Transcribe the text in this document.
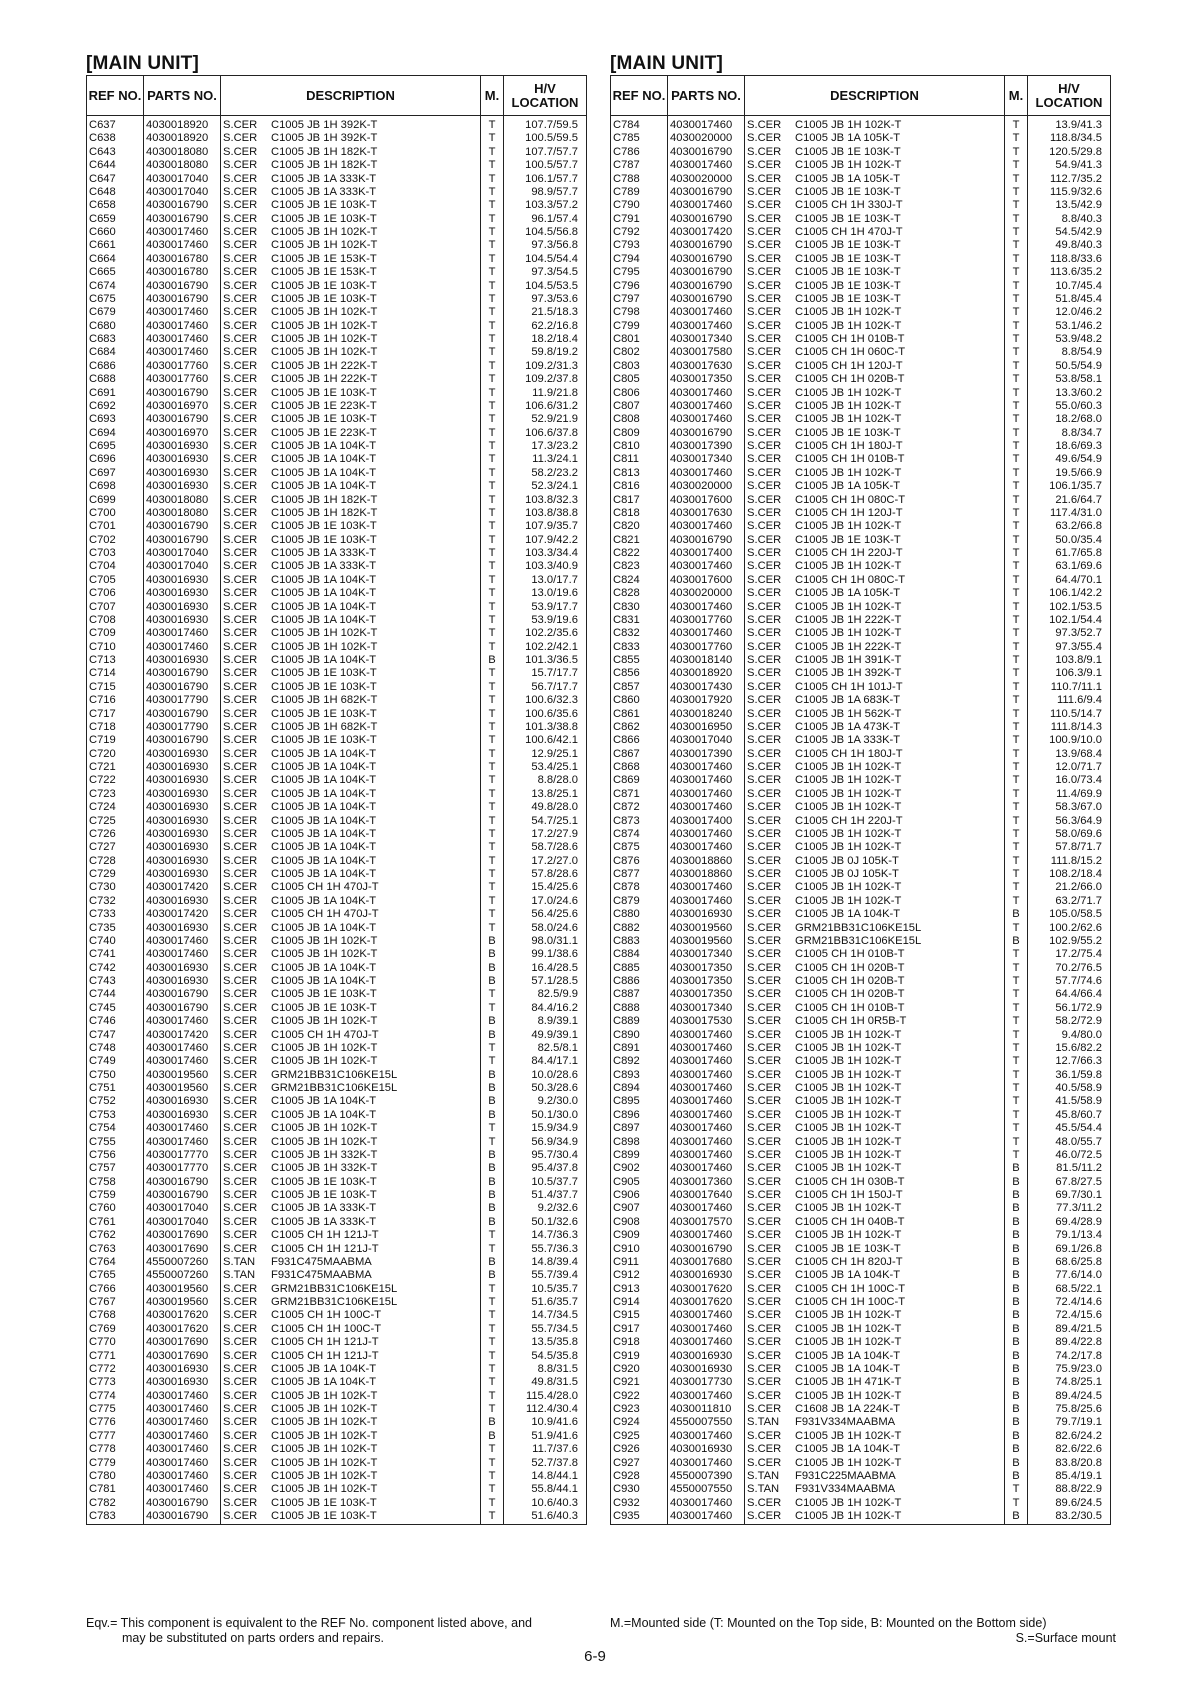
[MAIN UNIT]
REF NO.	PARTS NO.	DESCRIPTION	M.	H/V LOCATION
C637	4030018920	S.CER C1005 JB 1H 392K-T	T	107.7/59.5
C638	4030018920	S.CER C1005 JB 1H 392K-T	T	100.5/59.5
C643	4030018080	S.CER C1005 JB 1H 182K-T	T	107.7/57.7
C644	4030018080	S.CER C1005 JB 1H 182K-T	T	100.5/57.7
C647	4030017040	S.CER C1005 JB 1A 333K-T	T	106.1/57.7
C648	4030017040	S.CER C1005 JB 1A 333K-T	T	98.9/57.7
C658	4030016790	S.CER C1005 JB 1E 103K-T	T	103.3/57.2
C659	4030016790	S.CER C1005 JB 1E 103K-T	T	96.1/57.4
C660	4030017460	S.CER C1005 JB 1H 102K-T	T	104.5/56.8
C661	4030017460	S.CER C1005 JB 1H 102K-T	T	97.3/56.8
C664	4030016780	S.CER C1005 JB 1E 153K-T	T	104.5/54.4
C665	4030016780	S.CER C1005 JB 1E 153K-T	T	97.3/54.5
C674	4030016790	S.CER C1005 JB 1E 103K-T	T	104.5/53.5
C675	4030016790	S.CER C1005 JB 1E 103K-T	T	97.3/53.6
C679	4030017460	S.CER C1005 JB 1H 102K-T	T	21.5/18.3
C680	4030017460	S.CER C1005 JB 1H 102K-T	T	62.2/16.8
C683	4030017460	S.CER C1005 JB 1H 102K-T	T	18.2/18.4
C684	4030017460	S.CER C1005 JB 1H 102K-T	T	59.8/19.2
C686	4030017760	S.CER C1005 JB 1H 222K-T	T	109.2/31.3
C688	4030017760	S.CER C1005 JB 1H 222K-T	T	109.2/37.8
C691	4030016790	S.CER C1005 JB 1E 103K-T	T	11.9/21.8
C692	4030016970	S.CER C1005 JB 1E 223K-T	T	106.6/31.2
C693	4030016790	S.CER C1005 JB 1E 103K-T	T	52.9/21.9
C694	4030016970	S.CER C1005 JB 1E 223K-T	T	106.6/37.8
C695	4030016930	S.CER C1005 JB 1A 104K-T	T	17.3/23.2
C696	4030016930	S.CER C1005 JB 1A 104K-T	T	11.3/24.1
C697	4030016930	S.CER C1005 JB 1A 104K-T	T	58.2/23.2
C698	4030016930	S.CER C1005 JB 1A 104K-T	T	52.3/24.1
C699	4030018080	S.CER C1005 JB 1H 182K-T	T	103.8/32.3
C700	4030018080	S.CER C1005 JB 1H 182K-T	T	103.8/38.8
C701	4030016790	S.CER C1005 JB 1E 103K-T	T	107.9/35.7
C702	4030016790	S.CER C1005 JB 1E 103K-T	T	107.9/42.2
C703	4030017040	S.CER C1005 JB 1A 333K-T	T	103.3/34.4
C704	4030017040	S.CER C1005 JB 1A 333K-T	T	103.3/40.9
C705	4030016930	S.CER C1005 JB 1A 104K-T	T	13.0/17.7
C706	4030016930	S.CER C1005 JB 1A 104K-T	T	13.0/19.6
C707	4030016930	S.CER C1005 JB 1A 104K-T	T	53.9/17.7
C708	4030016930	S.CER C1005 JB 1A 104K-T	T	53.9/19.6
C709	4030017460	S.CER C1005 JB 1H 102K-T	T	102.2/35.6
C710	4030017460	S.CER C1005 JB 1H 102K-T	T	102.2/42.1
C713	4030016930	S.CER C1005 JB 1A 104K-T	B	101.3/36.5
C714	4030016790	S.CER C1005 JB 1E 103K-T	T	15.7/17.7
C715	4030016790	S.CER C1005 JB 1E 103K-T	T	56.7/17.7
C716	4030017790	S.CER C1005 JB 1H 682K-T	T	100.6/32.3
C717	4030016790	S.CER C1005 JB 1E 103K-T	T	100.6/35.6
C718	4030017790	S.CER C1005 JB 1H 682K-T	T	101.3/38.8
C719	4030016790	S.CER C1005 JB 1E 103K-T	T	100.6/42.1
C720	4030016930	S.CER C1005 JB 1A 104K-T	T	12.9/25.1
C721	4030016930	S.CER C1005 JB 1A 104K-T	T	53.4/25.1
C722	4030016930	S.CER C1005 JB 1A 104K-T	T	8.8/28.0
C723	4030016930	S.CER C1005 JB 1A 104K-T	T	13.8/25.1
C724	4030016930	S.CER C1005 JB 1A 104K-T	T	49.8/28.0
C725	4030016930	S.CER C1005 JB 1A 104K-T	T	54.7/25.1
C726	4030016930	S.CER C1005 JB 1A 104K-T	T	17.2/27.9
C727	4030016930	S.CER C1005 JB 1A 104K-T	T	58.7/28.6
C728	4030016930	S.CER C1005 JB 1A 104K-T	T	17.2/27.0
C729	4030016930	S.CER C1005 JB 1A 104K-T	T	57.8/28.6
C730	4030017420	S.CER C1005 CH 1H 470J-T	T	15.4/25.6
C732	4030016930	S.CER C1005 JB 1A 104K-T	T	17.0/24.6
C733	4030017420	S.CER C1005 CH 1H 470J-T	T	56.4/25.6
C735	4030016930	S.CER C1005 JB 1A 104K-T	T	58.0/24.6
C740	4030017460	S.CER C1005 JB 1H 102K-T	B	98.0/31.1
C741	4030017460	S.CER C1005 JB 1H 102K-T	B	99.1/38.6
C742	4030016930	S.CER C1005 JB 1A 104K-T	B	16.4/28.5
C743	4030016930	S.CER C1005 JB 1A 104K-T	B	57.1/28.5
C744	4030016790	S.CER C1005 JB 1E 103K-T	T	82.5/9.9
C745	4030016790	S.CER C1005 JB 1E 103K-T	T	84.4/16.2
C746	4030017460	S.CER C1005 JB 1H 102K-T	B	8.9/39.1
C747	4030017420	S.CER C1005 CH 1H 470J-T	B	49.9/39.1
C748	4030017460	S.CER C1005 JB 1H 102K-T	T	82.5/8.1
C749	4030017460	S.CER C1005 JB 1H 102K-T	T	84.4/17.1
C750	4030019560	S.CER GRM21BB31C106KE15L	B	10.0/28.6
C751	4030019560	S.CER GRM21BB31C106KE15L	B	50.3/28.6
C752	4030016930	S.CER C1005 JB 1A 104K-T	B	9.2/30.0
C753	4030016930	S.CER C1005 JB 1A 104K-T	B	50.1/30.0
C754	4030017460	S.CER C1005 JB 1H 102K-T	T	15.9/34.9
C755	4030017460	S.CER C1005 JB 1H 102K-T	T	56.9/34.9
C756	4030017770	S.CER C1005 JB 1H 332K-T	B	95.7/30.4
C757	4030017770	S.CER C1005 JB 1H 332K-T	B	95.4/37.8
C758	4030016790	S.CER C1005 JB 1E 103K-T	B	10.5/37.7
C759	4030016790	S.CER C1005 JB 1E 103K-T	B	51.4/37.7
C760	4030017040	S.CER C1005 JB 1A 333K-T	B	9.2/32.6
C761	4030017040	S.CER C1005 JB 1A 333K-T	B	50.1/32.6
C762	4030017690	S.CER C1005 CH 1H 121J-T	T	14.7/36.3
C763	4030017690	S.CER C1005 CH 1H 121J-T	T	55.7/36.3
C764	4550007260	S.TAN F931C475MAABMA	B	14.8/39.4
C765	4550007260	S.TAN F931C475MAABMA	B	55.7/39.4
C766	4030019560	S.CER GRM21BB31C106KE15L	T	10.5/35.7
C767	4030019560	S.CER GRM21BB31C106KE15L	T	51.6/35.7
C768	4030017620	S.CER C1005 CH 1H 100C-T	T	14.7/34.5
C769	4030017620	S.CER C1005 CH 1H 100C-T	T	55.7/34.5
C770	4030017690	S.CER C1005 CH 1H 121J-T	T	13.5/35.8
C771	4030017690	S.CER C1005 CH 1H 121J-T	T	54.5/35.8
C772	4030016930	S.CER C1005 JB 1A 104K-T	T	8.8/31.5
C773	4030016930	S.CER C1005 JB 1A 104K-T	T	49.8/31.5
C774	4030017460	S.CER C1005 JB 1H 102K-T	T	115.4/28.0
C775	4030017460	S.CER C1005 JB 1H 102K-T	T	112.4/30.4
C776	4030017460	S.CER C1005 JB 1H 102K-T	B	10.9/41.6
C777	4030017460	S.CER C1005 JB 1H 102K-T	B	51.9/41.6
C778	4030017460	S.CER C1005 JB 1H 102K-T	T	11.7/37.6
C779	4030017460	S.CER C1005 JB 1H 102K-T	T	52.7/37.8
C780	4030017460	S.CER C1005 JB 1H 102K-T	T	14.8/44.1
C781	4030017460	S.CER C1005 JB 1H 102K-T	T	55.8/44.1
C782	4030016790	S.CER C1005 JB 1E 103K-T	T	10.6/40.3
C783	4030016790	S.CER C1005 JB 1E 103K-T	T	51.6/40.3
[MAIN UNIT]
REF NO.	PARTS NO.	DESCRIPTION	M.	H/V LOCATION
C784	4030017460	S.CER C1005 JB 1H 102K-T	T	13.9/41.3
C785	4030020000	S.CER C1005 JB 1A 105K-T	T	118.8/34.5
C786	4030016790	S.CER C1005 JB 1E 103K-T	T	120.5/29.8
C787	4030017460	S.CER C1005 JB 1H 102K-T	T	54.9/41.3
C788	4030020000	S.CER C1005 JB 1A 105K-T	T	112.7/35.2
C789	4030016790	S.CER C1005 JB 1E 103K-T	T	115.9/32.6
C790	4030017460	S.CER C1005 CH 1H 330J-T	T	13.5/42.9
C791	4030016790	S.CER C1005 JB 1E 103K-T	T	8.8/40.3
C792	4030017420	S.CER C1005 CH 1H 470J-T	T	54.5/42.9
C793	4030016790	S.CER C1005 JB 1E 103K-T	T	49.8/40.3
C794	4030016790	S.CER C1005 JB 1E 103K-T	T	118.8/33.6
C795	4030016790	S.CER C1005 JB 1E 103K-T	T	113.6/35.2
C796	4030016790	S.CER C1005 JB 1E 103K-T	T	10.7/45.4
C797	4030016790	S.CER C1005 JB 1E 103K-T	T	51.8/45.4
C798	4030017460	S.CER C1005 JB 1H 102K-T	T	12.0/46.2
C799	4030017460	S.CER C1005 JB 1H 102K-T	T	53.1/46.2
C801	4030017340	S.CER C1005 CH 1H 010B-T	T	53.9/48.2
C802	4030017580	S.CER C1005 CH 1H 060C-T	T	8.8/54.9
C803	4030017630	S.CER C1005 CH 1H 120J-T	T	50.5/54.9
C805	4030017350	S.CER C1005 CH 1H 020B-T	T	53.8/58.1
C806	4030017460	S.CER C1005 JB 1H 102K-T	T	13.3/60.2
C807	4030017460	S.CER C1005 JB 1H 102K-T	T	55.0/60.3
C808	4030017460	S.CER C1005 JB 1H 102K-T	T	18.2/68.0
C809	4030016790	S.CER C1005 JB 1E 103K-T	T	8.8/34.7
C810	4030017390	S.CER C1005 CH 1H 180J-T	T	18.6/69.3
C811	4030017340	S.CER C1005 CH 1H 010B-T	T	49.6/54.9
C813	4030017460	S.CER C1005 JB 1H 102K-T	T	19.5/66.9
C816	4030020000	S.CER C1005 JB 1A 105K-T	T	106.1/35.7
C817	4030017600	S.CER C1005 CH 1H 080C-T	T	21.6/64.7
C818	4030017630	S.CER C1005 CH 1H 120J-T	T	117.4/31.0
C820	4030017460	S.CER C1005 JB 1H 102K-T	T	63.2/66.8
C821	4030016790	S.CER C1005 JB 1E 103K-T	T	50.0/35.4
C822	4030017400	S.CER C1005 CH 1H 220J-T	T	61.7/65.8
C823	4030017460	S.CER C1005 JB 1H 102K-T	T	63.1/69.6
C824	4030017600	S.CER C1005 CH 1H 080C-T	T	64.4/70.1
C828	4030020000	S.CER C1005 JB 1A 105K-T	T	106.1/42.2
C830	4030017460	S.CER C1005 JB 1H 102K-T	T	102.1/53.5
C831	4030017760	S.CER C1005 JB 1H 222K-T	T	102.1/54.4
C832	4030017460	S.CER C1005 JB 1H 102K-T	T	97.3/52.7
C833	4030017760	S.CER C1005 JB 1H 222K-T	T	97.3/55.4
C855	4030018140	S.CER C1005 JB 1H 391K-T	T	103.8/9.1
C856	4030018920	S.CER C1005 JB 1H 392K-T	T	106.3/9.1
C857	4030017430	S.CER C1005 CH 1H 101J-T	T	110.7/11.1
C860	4030017920	S.CER C1005 JB 1A 683K-T	T	111.6/9.4
C861	4030018240	S.CER C1005 JB 1H 562K-T	T	110.5/14.7
C862	4030016950	S.CER C1005 JB 1A 473K-T	T	111.8/14.3
C866	4030017040	S.CER C1005 JB 1A 333K-T	T	100.9/10.0
C867	4030017390	S.CER C1005 CH 1H 180J-T	T	13.9/68.4
C868	4030017460	S.CER C1005 JB 1H 102K-T	T	12.0/71.7
C869	4030017460	S.CER C1005 JB 1H 102K-T	T	16.0/73.4
C871	4030017460	S.CER C1005 JB 1H 102K-T	T	11.4/69.9
C872	4030017460	S.CER C1005 JB 1H 102K-T	T	58.3/67.0
C873	4030017400	S.CER C1005 CH 1H 220J-T	T	56.3/64.9
C874	4030017460	S.CER C1005 JB 1H 102K-T	T	58.0/69.6
C875	4030017460	S.CER C1005 JB 1H 102K-T	T	57.8/71.7
C876	4030018860	S.CER C1005 JB 0J 105K-T	T	111.8/15.2
C877	4030018860	S.CER C1005 JB 0J 105K-T	T	108.2/18.4
C878	4030017460	S.CER C1005 JB 1H 102K-T	T	21.2/66.0
C879	4030017460	S.CER C1005 JB 1H 102K-T	T	63.2/71.7
C880	4030016930	S.CER C1005 JB 1A 104K-T	B	105.0/58.5
C882	4030019560	S.CER GRM21BB31C106KE15L	T	100.2/62.6
C883	4030019560	S.CER GRM21BB31C106KE15L	B	102.9/55.2
C884	4030017340	S.CER C1005 CH 1H 010B-T	T	17.2/75.4
C885	4030017350	S.CER C1005 CH 1H 020B-T	T	70.2/76.5
C886	4030017350	S.CER C1005 CH 1H 020B-T	T	57.7/74.6
C887	4030017350	S.CER C1005 CH 1H 020B-T	T	64.4/66.4
C888	4030017340	S.CER C1005 CH 1H 010B-T	T	56.1/72.9
C889	4030017530	S.CER C1005 CH 1H 0R5B-T	T	58.2/72.9
C890	4030017460	S.CER C1005 JB 1H 102K-T	T	9.4/80.0
C891	4030017460	S.CER C1005 JB 1H 102K-T	T	15.6/82.2
C892	4030017460	S.CER C1005 JB 1H 102K-T	T	12.7/66.3
C893	4030017460	S.CER C1005 JB 1H 102K-T	T	36.1/59.8
C894	4030017460	S.CER C1005 JB 1H 102K-T	T	40.5/58.9
C895	4030017460	S.CER C1005 JB 1H 102K-T	T	41.5/58.9
C896	4030017460	S.CER C1005 JB 1H 102K-T	T	45.8/60.7
C897	4030017460	S.CER C1005 JB 1H 102K-T	T	45.5/54.4
C898	4030017460	S.CER C1005 JB 1H 102K-T	T	48.0/55.7
C899	4030017460	S.CER C1005 JB 1H 102K-T	T	46.0/72.5
C902	4030017460	S.CER C1005 JB 1H 102K-T	B	81.5/11.2
C905	4030017360	S.CER C1005 CH 1H 030B-T	B	67.8/27.5
C906	4030017640	S.CER C1005 CH 1H 150J-T	B	69.7/30.1
C907	4030017460	S.CER C1005 JB 1H 102K-T	B	77.3/11.2
C908	4030017570	S.CER C1005 CH 1H 040B-T	B	69.4/28.9
C909	4030017460	S.CER C1005 JB 1H 102K-T	B	79.1/13.4
C910	4030016790	S.CER C1005 JB 1E 103K-T	B	69.1/26.8
C911	4030017680	S.CER C1005 CH 1H 820J-T	B	68.6/25.8
C912	4030016930	S.CER C1005 JB 1A 104K-T	B	77.6/14.0
C913	4030017620	S.CER C1005 CH 1H 100C-T	B	68.5/22.1
C914	4030017620	S.CER C1005 CH 1H 100C-T	B	72.4/14.6
C915	4030017460	S.CER C1005 JB 1H 102K-T	B	72.4/15.6
C917	4030017460	S.CER C1005 JB 1H 102K-T	B	89.4/21.5
C918	4030017460	S.CER C1005 JB 1H 102K-T	B	89.4/22.8
C919	4030016930	S.CER C1005 JB 1A 104K-T	B	74.2/17.8
C920	4030016930	S.CER C1005 JB 1A 104K-T	B	75.9/23.0
C921	4030017730	S.CER C1005 JB 1H 471K-T	B	74.8/25.1
C922	4030017460	S.CER C1005 JB 1H 102K-T	B	89.4/24.5
C923	4030011810	S.CER C1608 JB 1A 224K-T	B	75.8/25.6
C924	4550007550	S.TAN F931V334MAABMA	B	79.7/19.1
C925	4030017460	S.CER C1005 JB 1H 102K-T	B	82.6/24.2
C926	4030016930	S.CER C1005 JB 1A 104K-T	B	82.6/22.6
C927	4030017460	S.CER C1005 JB 1H 102K-T	B	83.8/20.8
C928	4550007390	S.TAN F931C225MAABMA	B	85.4/19.1
C930	4550007550	S.TAN F931V334MAABMA	T	88.8/22.9
C932	4030017460	S.CER C1005 JB 1H 102K-T	T	89.6/24.5
C935	4030017460	S.CER C1005 JB 1H 102K-T	B	83.2/30.5
Eqv.= This component is equivalent to the REF No. component listed above, and
may be substituted on parts orders and repairs.
M.=Mounted side (T: Mounted on the Top side, B: Mounted on the Bottom side)
S.=Surface mount
6-9
